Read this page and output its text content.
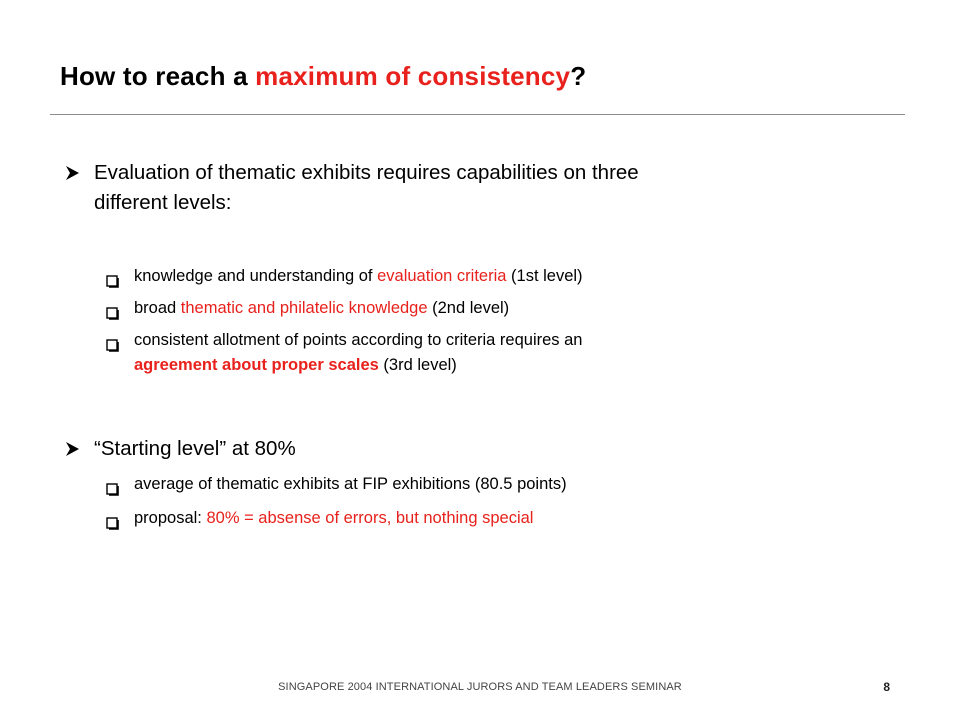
How to reach a maximum of consistency?
Evaluation of thematic exhibits requires capabilities on three
different levels:
knowledge and understanding of evaluation criteria (1st level)
broad thematic and philatelic knowledge (2nd level)
consistent allotment of points according to criteria requires an
agreement about proper scales (3rd level)
“Starting level” at 80%
average of thematic exhibits at FIP exhibitions (80.5 points)
proposal: 80% = absense of errors, but nothing special
SINGAPORE 2004 INTERNATIONAL JURORS AND TEAM LEADERS SEMINAR	8
